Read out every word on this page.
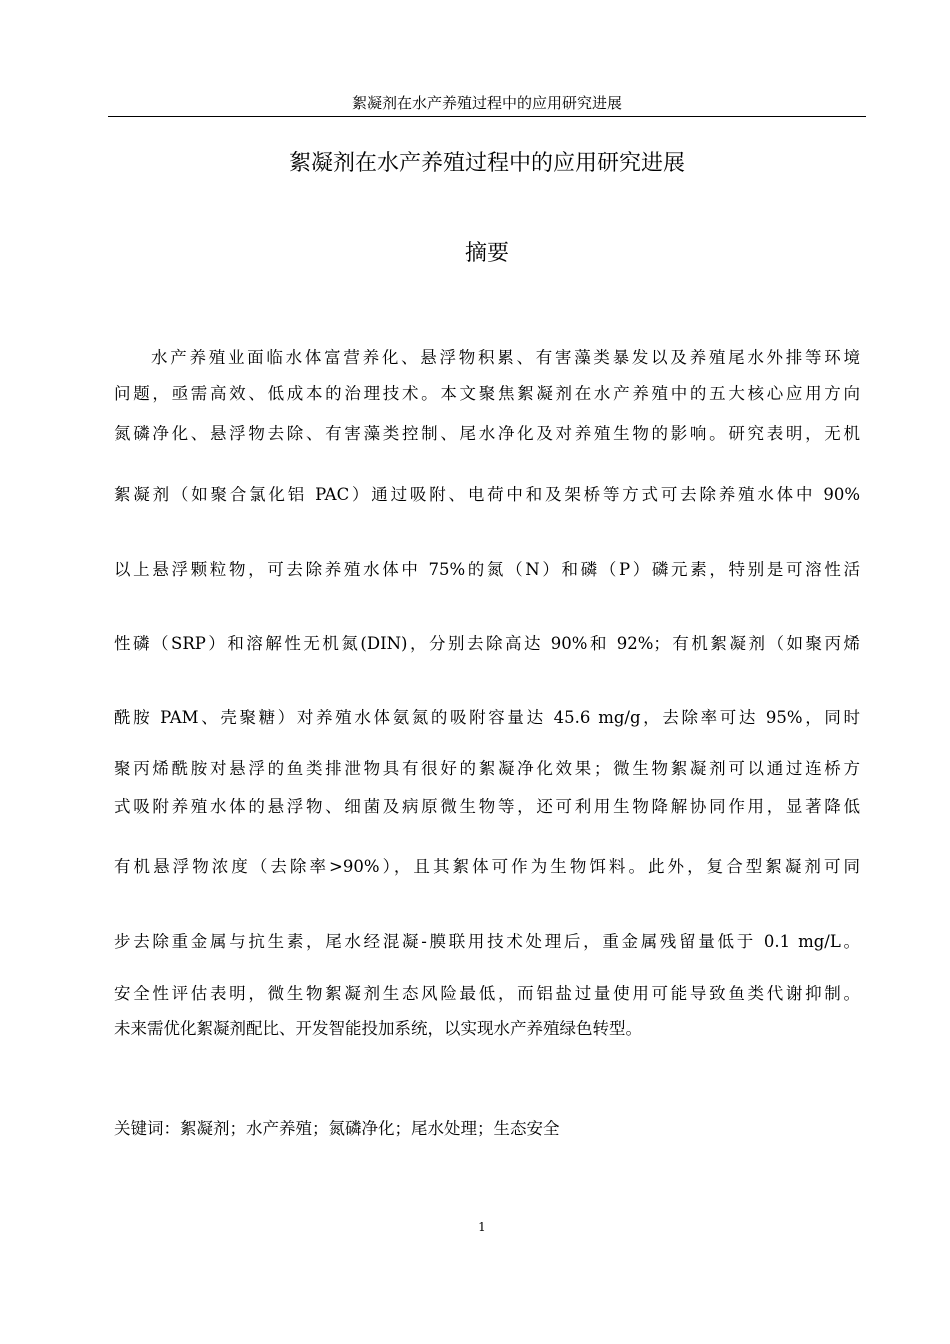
絮凝剂在水产养殖过程中的应用研究进展
絮凝剂在水产养殖过程中的应用研究进展
摘要
水产养殖业面临水体富营养化、悬浮物积累、有害藻类暴发以及养殖尾水外排等环境
问题，亟需高效、低成本的治理技术。本文聚焦絮凝剂在水产养殖中的五大核心应用方向
氮磷净化、悬浮物去除、有害藻类控制、尾水净化及对养殖生物的影响。研究表明，无机
絮凝剂（如聚合氯化铝 PAC）通过吸附、电荷中和及架桥等方式可去除养殖水体中 90%
以上悬浮颗粒物，可去除养殖水体中 75%的氮（N）和磷（P）磷元素，特别是可溶性活
性磷（SRP）和溶解性无机氮(DIN)，分别去除高达 90%和 92%；有机絮凝剂（如聚丙烯
酰胺 PAM、壳聚糖）对养殖水体氨氮的吸附容量达 45.6 mg/g，去除率可达 95%，同时
聚丙烯酰胺对悬浮的鱼类排泄物具有很好的絮凝净化效果；微生物絮凝剂可以通过连桥方
式吸附养殖水体的悬浮物、细菌及病原微生物等，还可利用生物降解协同作用，显著降低
有机悬浮物浓度（去除率>90%），且其絮体可作为生物饵料。此外，复合型絮凝剂可同
步去除重金属与抗生素，尾水经混凝-膜联用技术处理后，重金属残留量低于 0.1 mg/L。
安全性评估表明，微生物絮凝剂生态风险最低，而铝盐过量使用可能导致鱼类代谢抑制。
未来需优化絮凝剂配比、开发智能投加系统，以实现水产养殖绿色转型。
关键词：絮凝剂；水产养殖；氮磷净化；尾水处理；生态安全
1
